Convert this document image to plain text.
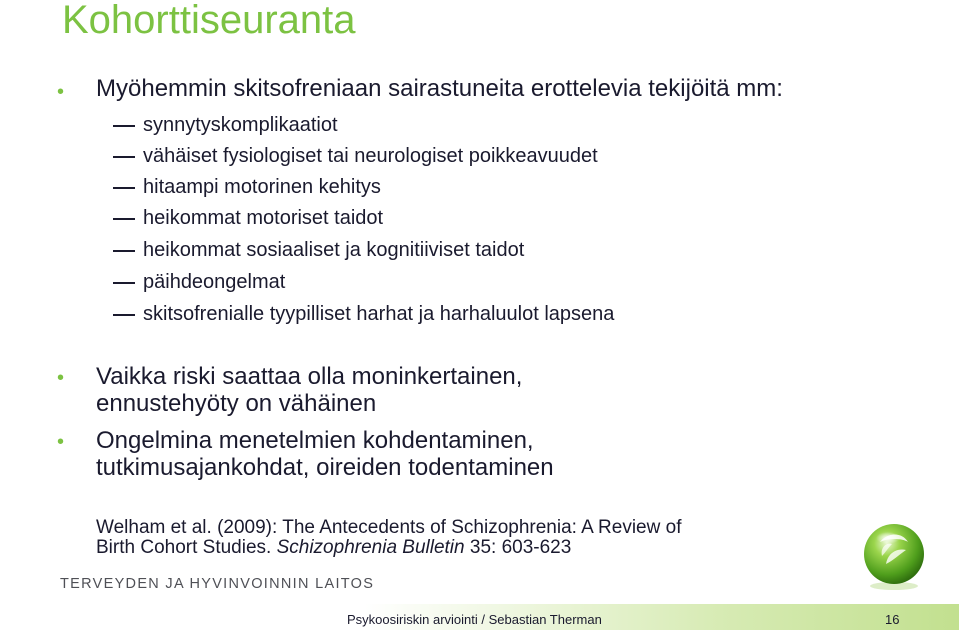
Kohorttiseuranta
• Myöhemmin skitsofreniaan sairastuneita erottelevia tekijöitä mm:

synnytyskomplikaatiot

vähäiset fysiologiset tai neurologiset poikkeavuudet

hitaampi motorinen kehitys

heikommat motoriset taidot

heikommat sosiaaliset ja kognitiiviset taidot

päihdeongelmat

skitsofrenialle tyypilliset harhat ja harhaluulot lapsena

• Vaikka riski saattaa olla moninkertainen,

ennustehyöty on vähäinen

• Ongelmina menetelmien kohdentaminen,

tutkimusajankohdat, oireiden todentaminen

Welham et al. (2009): The Antecedents of Schizophrenia: A Review of
Birth Cohort Studies. Schizophrenia Bulletin 35: 603-623
TERVEYDEN JA HYVINVOINNIN LAITOS
Psykoosiriskin arviointi / Sebastian Therman	16
